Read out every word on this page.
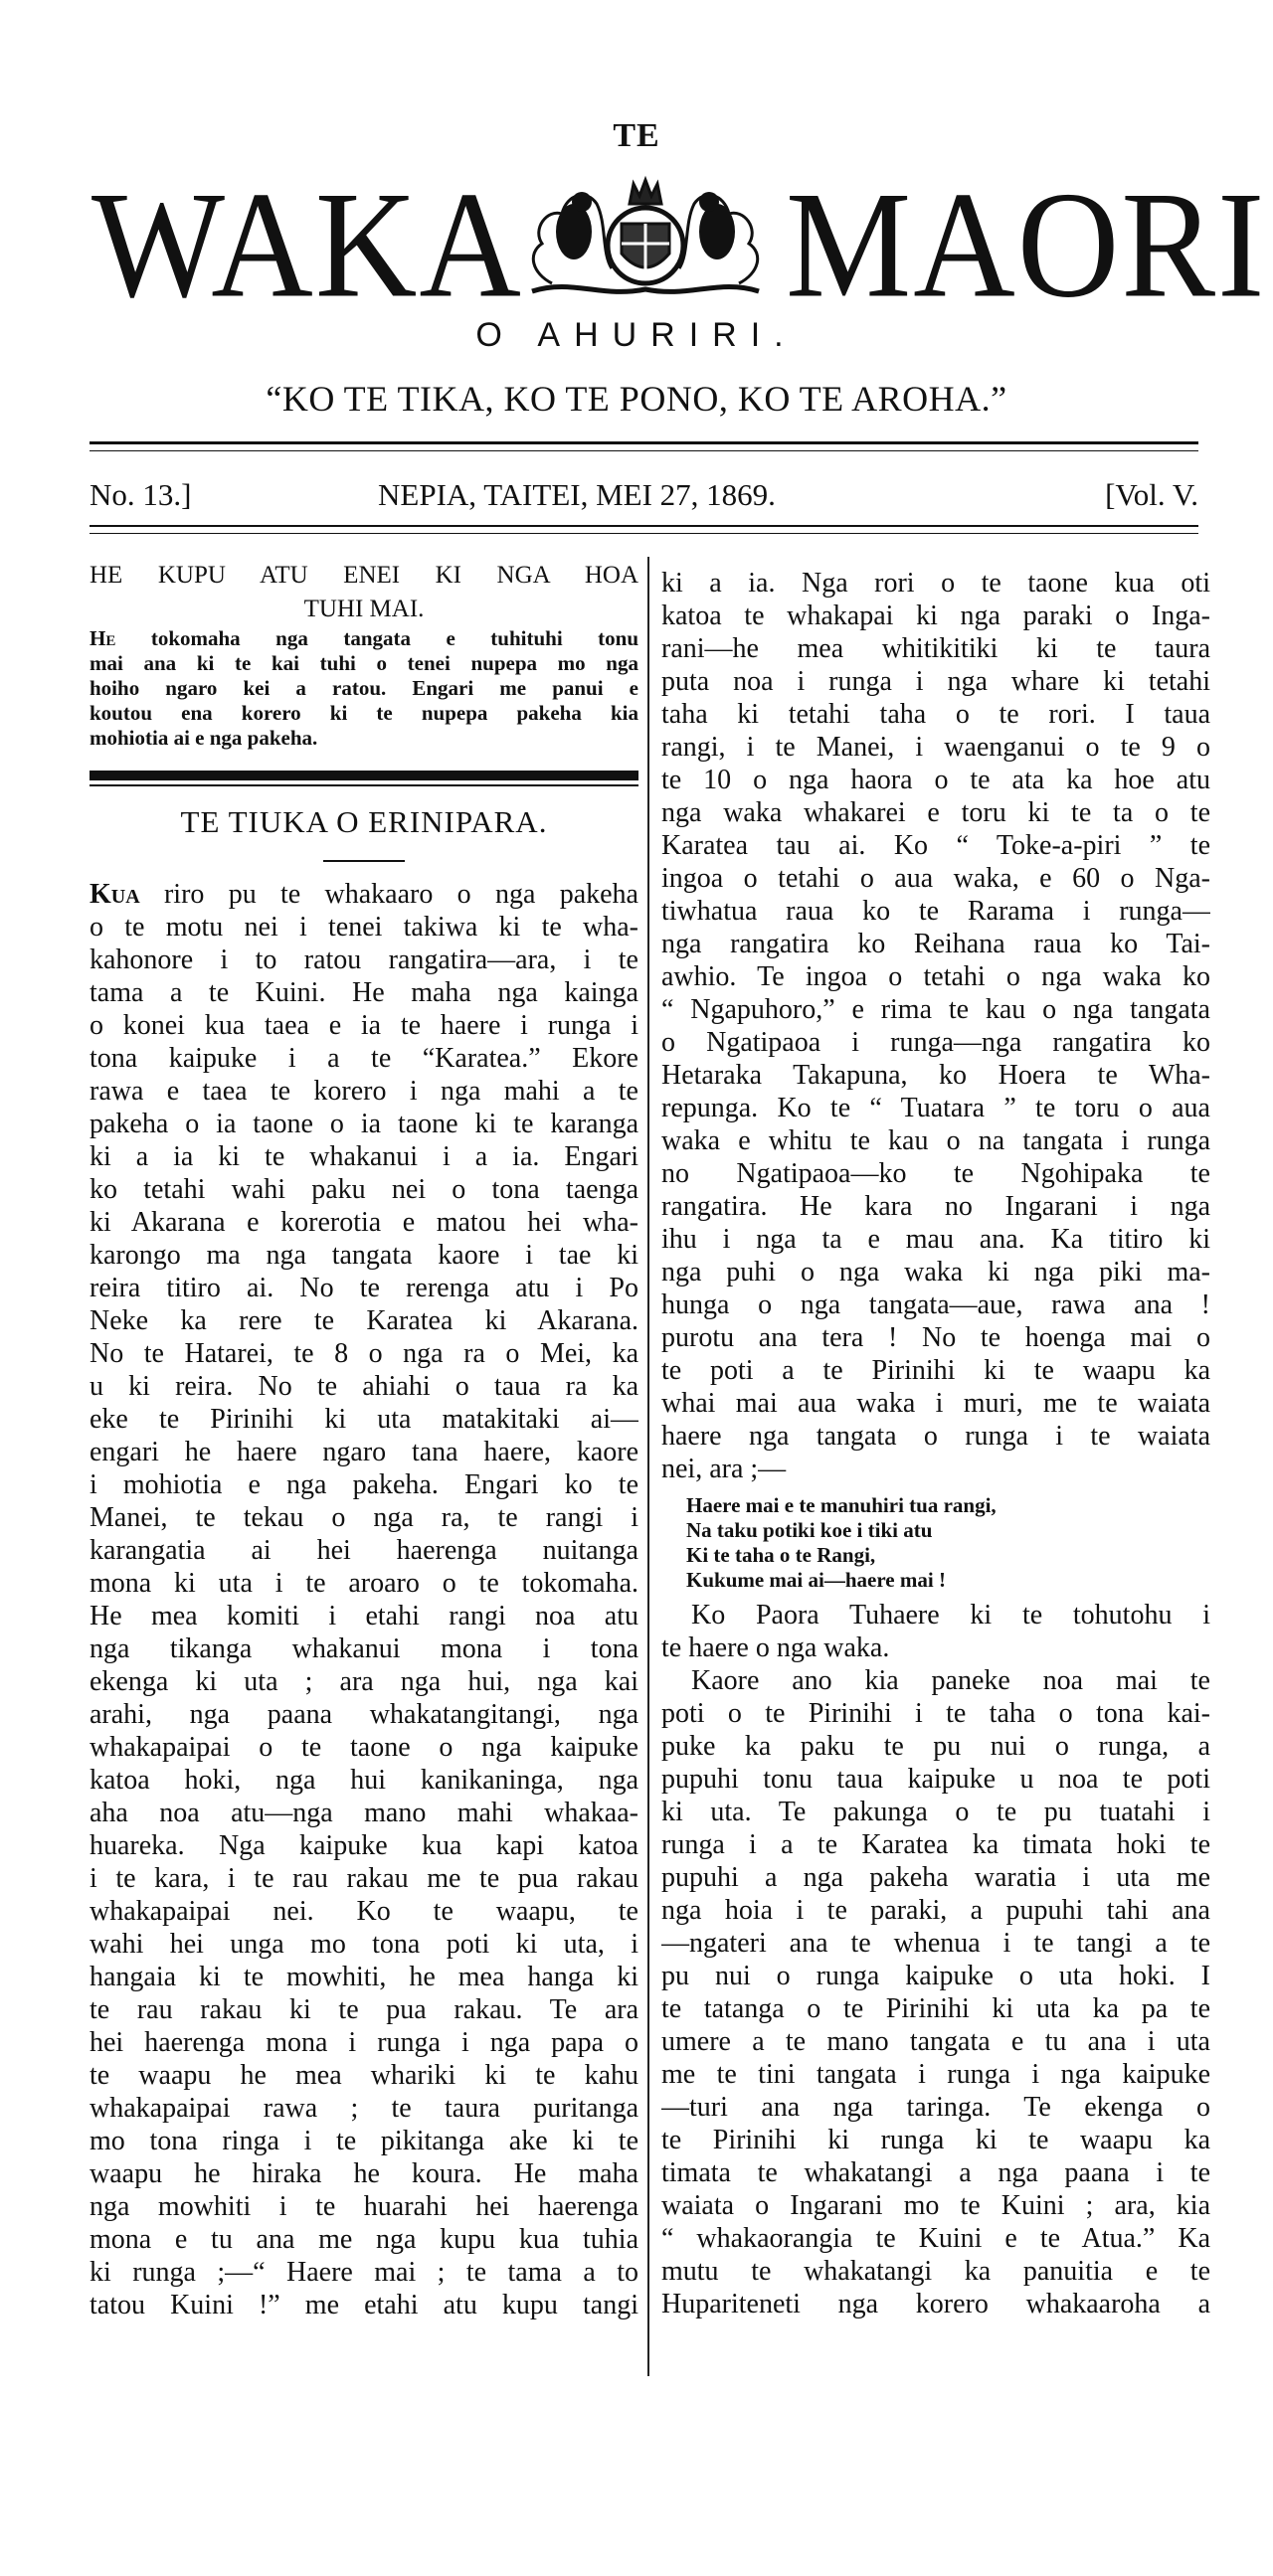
TE
WAKA MAORI
O AHURIRI.
“KO TE TIKA, KO TE PONO, KO TE AROHA.”
No. 13.]	NEPIA, TAITEI, MEI 27, 1869.	[Vol. V.
HE KUPU ATU ENEI KI NGA HOA
TUHI MAI.
He tokomaha nga tangata e tuhituhi tonu
mai ana ki te kai tuhi o tenei nupepa mo nga
hoiho ngaro kei a ratou. Engari me panui e
koutou ena korero ki te nupepa pakeha kia
mohiotia ai e nga pakeha.
TE TIUKA O ERINIPARA.
Kua riro pu te whakaaro o nga pakeha
o te motu nei i tenei takiwa ki te wha-
kahonore i to ratou rangatira—ara, i te
tama a te Kuini. He maha nga kainga
o konei kua taea e ia te haere i runga i
tona kaipuke i a te “Karatea.” Ekore
rawa e taea te korero i nga mahi a te
pakeha o ia taone o ia taone ki te karanga
ki a ia ki te whakanui i a ia. Engari
ko tetahi wahi paku nei o tona taenga
ki Akarana e korerotia e matou hei wha-
karongo ma nga tangata kaore i tae ki
reira titiro ai. No te rerenga atu i Po
Neke ka rere te Karatea ki Akarana.
No te Hatarei, te 8 o nga ra o Mei, ka
u ki reira. No te ahiahi o taua ra ka
eke te Pirinihi ki uta matakitaki ai—
engari he haere ngaro tana haere, kaore
i mohiotia e nga pakeha. Engari ko te
Manei, te tekau o nga ra, te rangi i
karangatia ai hei haerenga nuitanga
mona ki uta i te aroaro o te tokomaha.
He mea komiti i etahi rangi noa atu
nga tikanga whakanui mona i tona
ekenga ki uta ; ara nga hui, nga kai
arahi, nga paana whakatangitangi, nga
whakapaipai o te taone o nga kaipuke
katoa hoki, nga hui kanikaninga, nga
aha noa atu—nga mano mahi whakaa-
huareka. Nga kaipuke kua kapi katoa
i te kara, i te rau rakau me te pua rakau
whakapaipai nei. Ko te waapu, te
wahi hei unga mo tona poti ki uta, i
hangaia ki te mowhiti, he mea hanga ki
te rau rakau ki te pua rakau. Te ara
hei haerenga mona i runga i nga papa o
te waapu he mea whariki ki te kahu
whakapaipai rawa ; te taura puritanga
mo tona ringa i te pikitanga ake ki te
waapu he hiraka he koura. He maha
nga mowhiti i te huarahi hei haerenga
mona e tu ana me nga kupu kua tuhia
ki runga ;—“ Haere mai ; te tama a to
tatou Kuini !” me etahi atu kupu tangi
ki a ia. Nga rori o te taone kua oti
katoa te whakapai ki nga paraki o Inga-
rani—he mea whitikitiki ki te taura
puta noa i runga i nga whare ki tetahi
taha ki tetahi taha o te rori. I taua
rangi, i te Manei, i waenganui o te 9 o
te 10 o nga haora o te ata ka hoe atu
nga waka whakarei e toru ki te ta o te
Karatea tau ai. Ko “ Toke-a-piri ” te
ingoa o tetahi o aua waka, e 60 o Nga-
tiwhatua raua ko te Rarama i runga—
nga rangatira ko Reihana raua ko Tai-
awhio. Te ingoa o tetahi o nga waka ko
“ Ngapuhoro,” e rima te kau o nga tangata
o Ngatipaoa i runga—nga rangatira ko
Hetaraka Takapuna, ko Hoera te Wha-
repunga. Ko te “ Tuatara ” te toru o aua
waka e whitu te kau o na tangata i runga
no Ngatipaoa—ko te Ngohipaka te
rangatira. He kara no Ingarani i nga
ihu i nga ta e mau ana. Ka titiro ki
nga puhi o nga waka ki nga piki ma-
hunga o nga tangata—aue, rawa ana !
purotu ana tera ! No te hoenga mai o
te poti a te Pirinihi ki te waapu ka
whai mai aua waka i muri, me te waiata
haere nga tangata o runga i te waiata
nei, ara ;—
Haere mai e te manuhiri tua rangi,
Na taku potiki koe i tiki atu
Ki te taha o te Rangi,
Kukume mai ai—haere mai !
Ko Paora Tuhaere ki te tohutohu i
te haere o nga waka.
Kaore ano kia paneke noa mai te
poti o te Pirinihi i te taha o tona kai-
puke ka paku te pu nui o runga, a
pupuhi tonu taua kaipuke u noa te poti
ki uta. Te pakunga o te pu tuatahi i
runga i a te Karatea ka timata hoki te
pupuhi a nga pakeha waratia i uta me
nga hoia i te paraki, a pupuhi tahi ana
—ngateri ana te whenua i te tangi a te
pu nui o runga kaipuke o uta hoki. I
te tatanga o te Pirinihi ki uta ka pa te
umere a te mano tangata e tu ana i uta
me te tini tangata i runga i nga kaipuke
—turi ana nga taringa. Te ekenga o
te Pirinihi ki runga ki te waapu ka
timata te whakatangi a nga paana i te
waiata o Ingarani mo te Kuini ; ara, kia
“ whakaorangia te Kuini e te Atua.” Ka
mutu te whakatangi ka panuitia e te
Hupariteneti nga korero whakaaroha a
